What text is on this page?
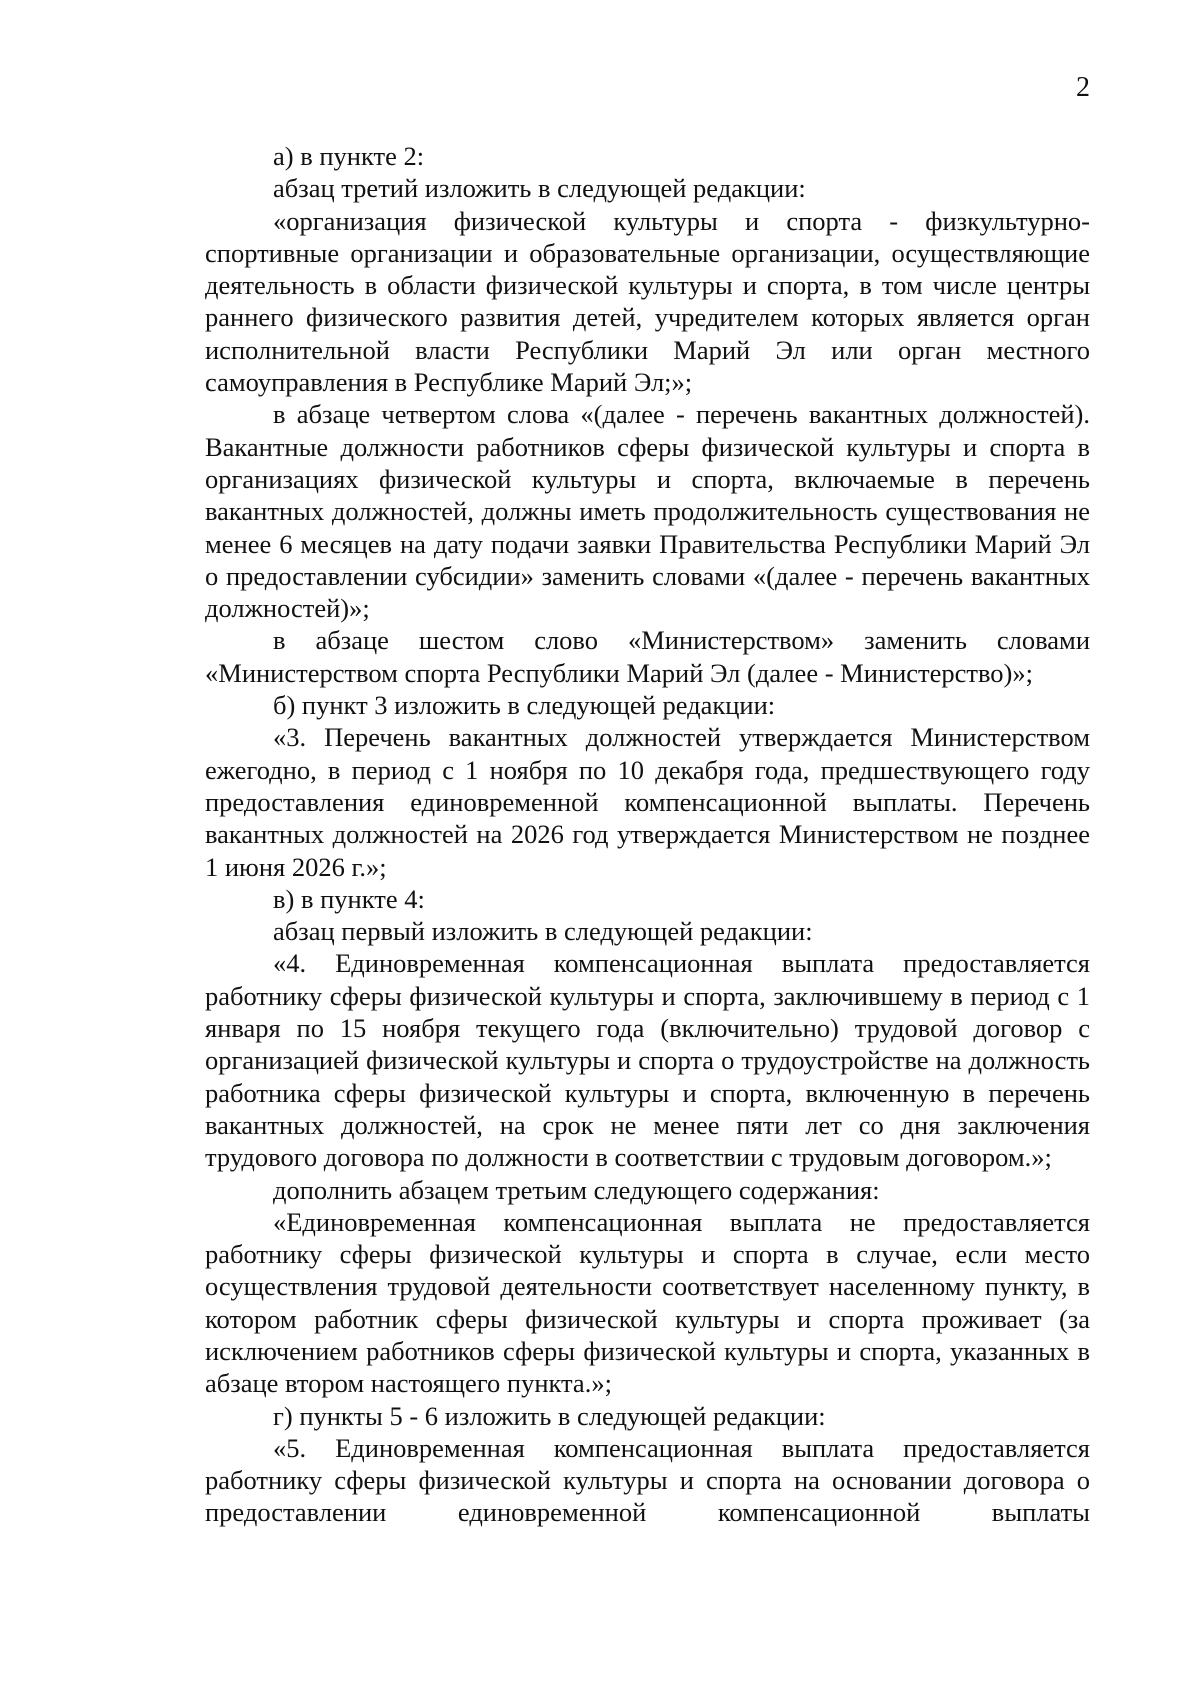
2

а) в пункте 2:

абзац третий изложить в следующей редакции:

«организация физической культуры и спорта - физкультурно-спортивные организации и образовательные организации, осуществляющие деятельность в области физической культуры и спорта, в том числе центры раннего физического развития детей, учредителем которых является орган исполнительной власти Республики Марий Эл или орган местного самоуправления в Республике Марий Эл;»;

в абзаце четвертом слова «(далее - перечень вакантных должностей). Вакантные должности работников сферы физической культуры и спорта в организациях физической культуры и спорта, включаемые в перечень вакантных должностей, должны иметь продолжительность существования не менее 6 месяцев на дату подачи заявки Правительства Республики Марий Эл о предоставлении субсидии» заменить словами «(далее - перечень вакантных должностей)»;

в абзаце шестом слово «Министерством» заменить словами «Министерством спорта Республики Марий Эл (далее - Министерство)»;

б) пункт 3 изложить в следующей редакции:

«3. Перечень вакантных должностей утверждается Министерством ежегодно, в период с 1 ноября по 10 декабря года, предшествующего году предоставления единовременной компенсационной выплаты. Перечень вакантных должностей на 2026 год утверждается Министерством не позднее 1 июня 2026 г.»;

в) в пункте 4:

абзац первый изложить в следующей редакции:

«4. Единовременная компенсационная выплата предоставляется работнику сферы физической культуры и спорта, заключившему в период с 1 января по 15 ноября текущего года (включительно) трудовой договор с организацией физической культуры и спорта о трудоустройстве на должность работника сферы физической культуры и спорта, включенную в перечень вакантных должностей, на срок не менее пяти лет со дня заключения трудового договора по должности в соответствии с трудовым договором.»;

дополнить абзацем третьим следующего содержания:

«Единовременная компенсационная выплата не предоставляется работнику сферы физической культуры и спорта в случае, если место осуществления трудовой деятельности соответствует населенному пункту, в котором работник сферы физической культуры и спорта проживает (за исключением работников сферы физической культуры и спорта, указанных в абзаце втором настоящего пункта.»;

г) пункты 5 - 6 изложить в следующей редакции:

«5. Единовременная компенсационная выплата предоставляется работнику сферы физической культуры и спорта на основании договора о предоставлении единовременной компенсационной выплаты
